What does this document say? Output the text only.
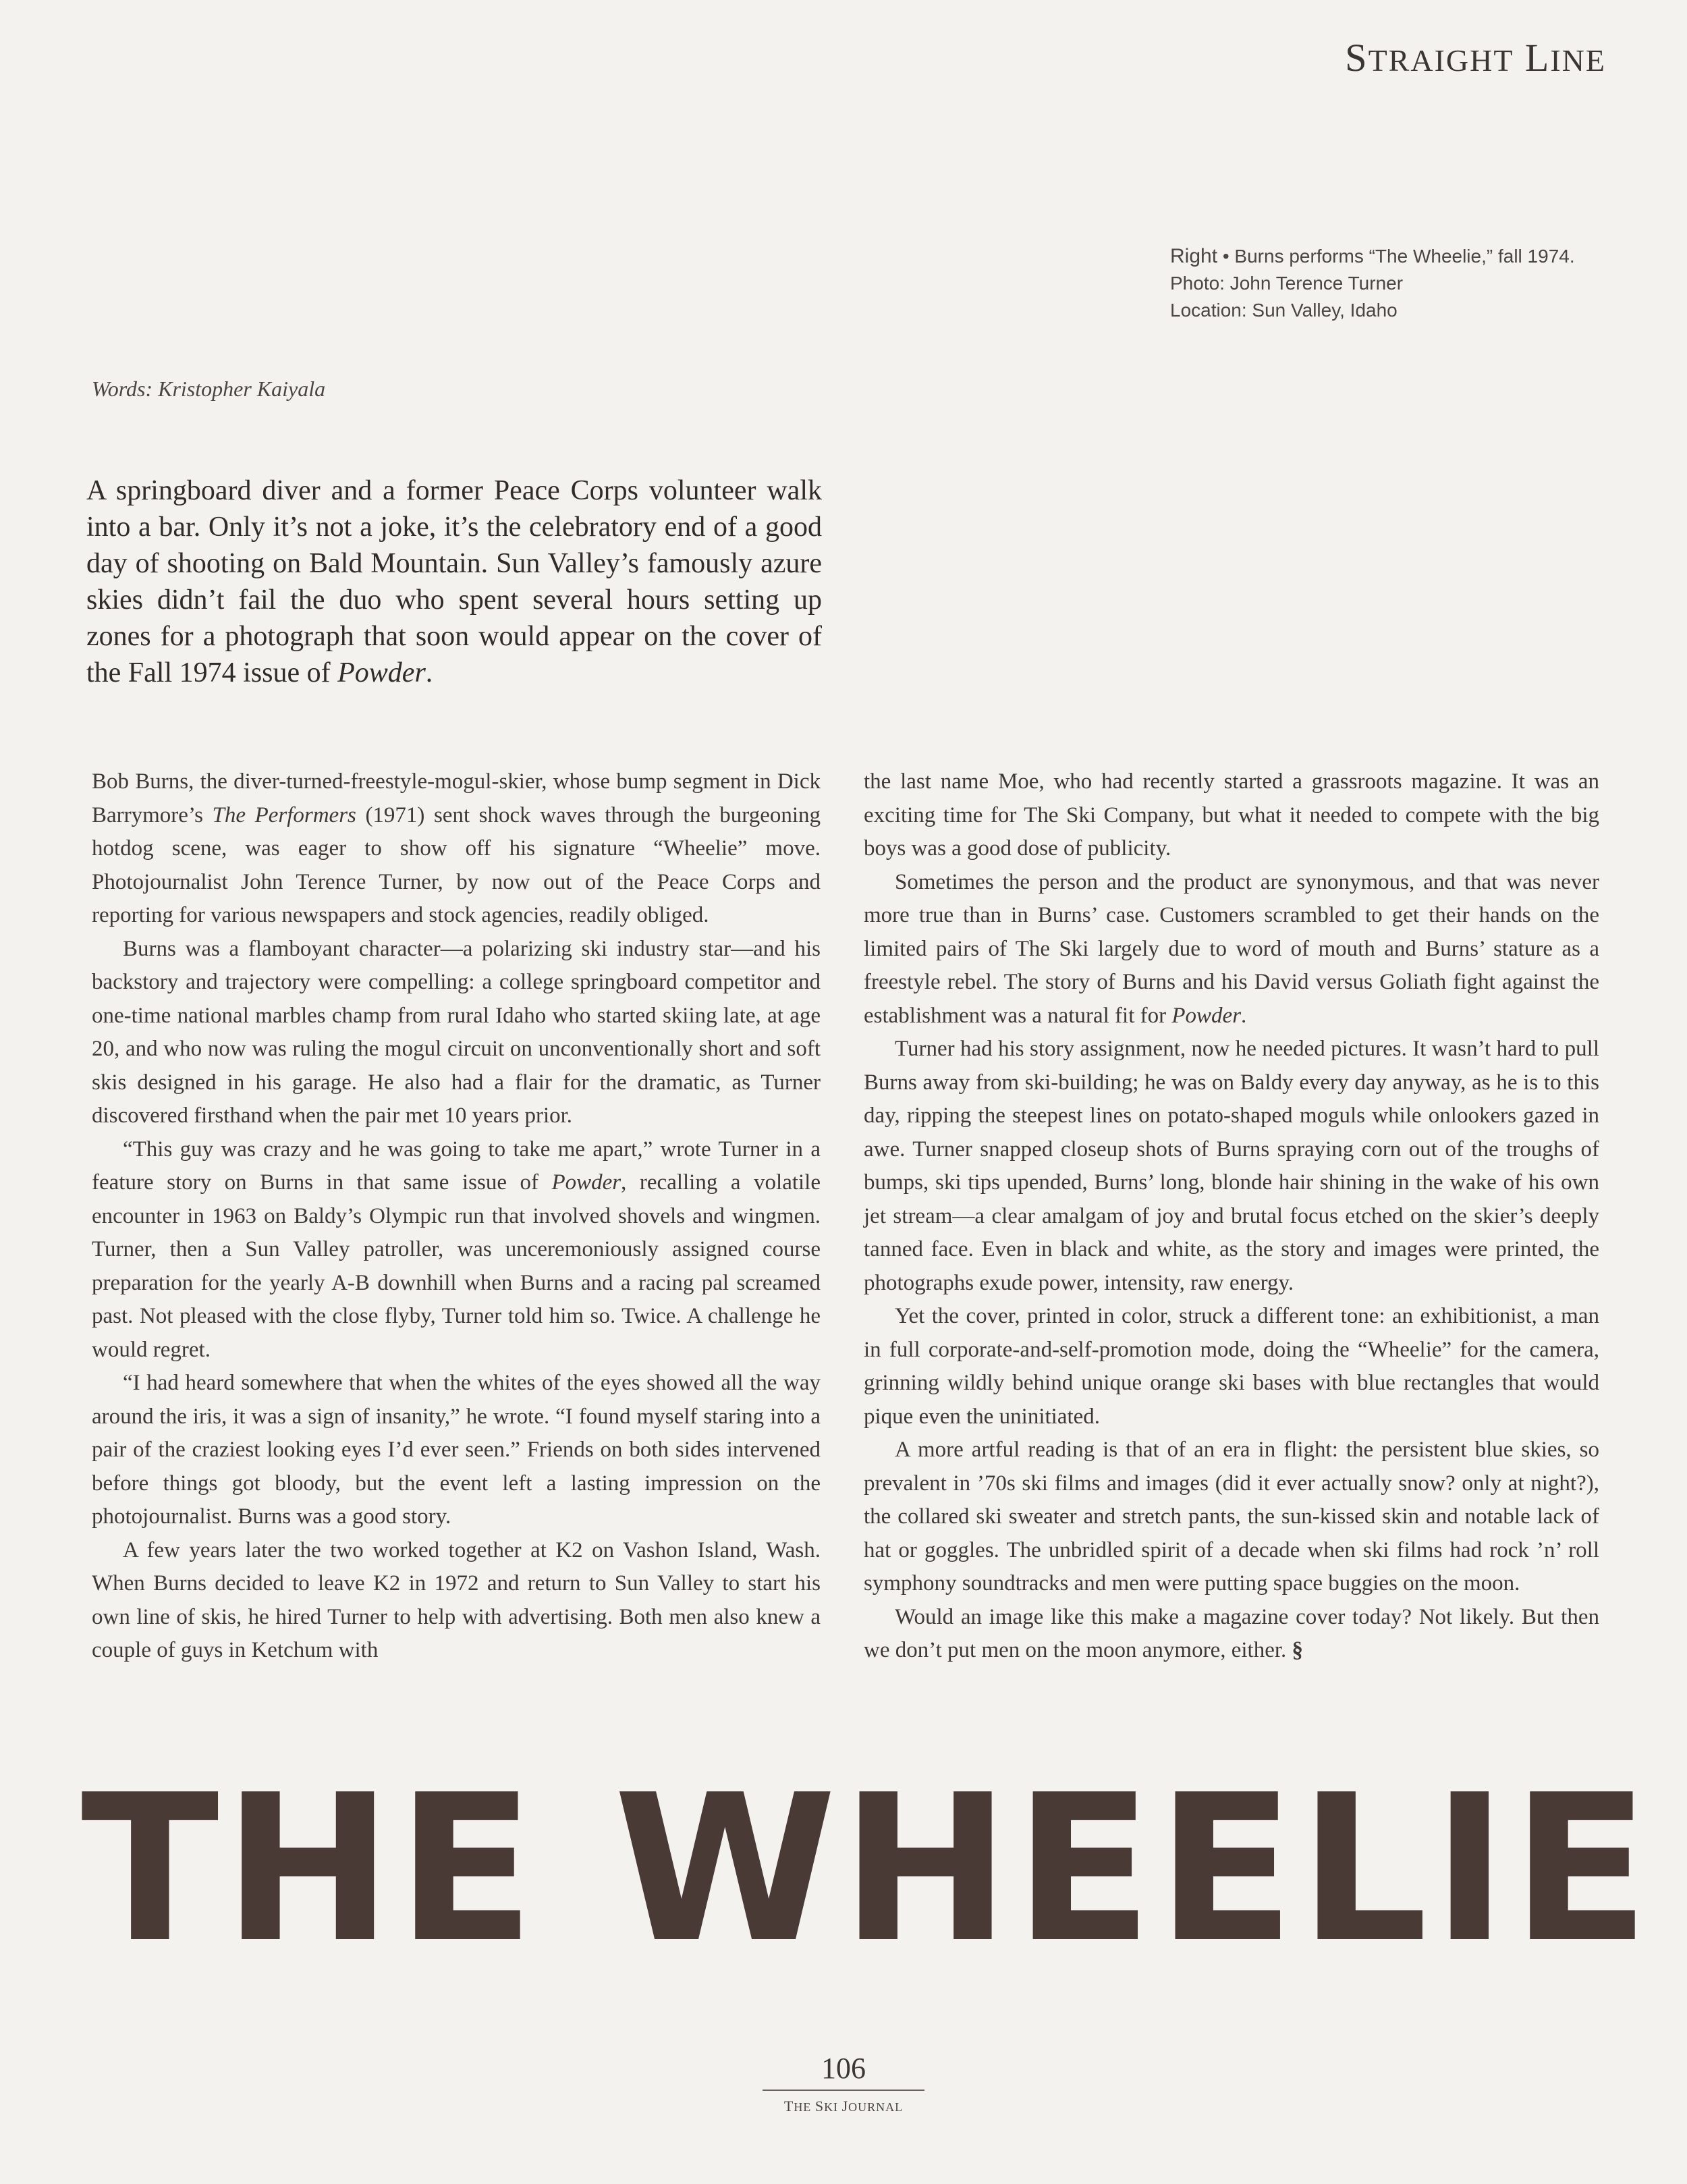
STRAIGHT LINE
Right • Burns performs “The Wheelie,” fall 1974.
Photo: John Terence Turner
Location: Sun Valley, Idaho
Words: Kristopher Kaiyala
A springboard diver and a former Peace Corps volunteer walk into a bar. Only it’s not a joke, it’s the celebratory end of a good day of shooting on Bald Mountain. Sun Valley’s famously azure skies didn’t fail the duo who spent several hours setting up zones for a photograph that soon would appear on the cover of the Fall 1974 issue of Powder.

Bob Burns, the diver-turned-freestyle-mogul-skier, whose bump segment in Dick Barrymore’s The Performers (1971) sent shock waves through the burgeoning hotdog scene, was eager to show off his signature “Wheelie” move. Photojournalist John Terence Turner, by now out of the Peace Corps and reporting for various newspapers and stock agencies, readily obliged.

Burns was a flamboyant character—a polarizing ski industry star—and his backstory and trajectory were compelling: a college springboard competitor and one-time national marbles champ from rural Idaho who started skiing late, at age 20, and who now was ruling the mogul circuit on unconventionally short and soft skis designed in his garage. He also had a flair for the dramatic, as Turner discovered firsthand when the pair met 10 years prior.

“This guy was crazy and he was going to take me apart,” wrote Turner in a feature story on Burns in that same issue of Powder, recalling a volatile encounter in 1963 on Baldy’s Olympic run that involved shovels and wingmen. Turner, then a Sun Valley patroller, was unceremoniously assigned course preparation for the yearly A-B downhill when Burns and a racing pal screamed past. Not pleased with the close flyby, Turner told him so. Twice. A challenge he would regret.

“I had heard somewhere that when the whites of the eyes showed all the way around the iris, it was a sign of insanity,” he wrote. “I found myself staring into a pair of the craziest looking eyes I’d ever seen.” Friends on both sides intervened before things got bloody, but the event left a lasting impression on the photojournalist. Burns was a good story.

A few years later the two worked together at K2 on Vashon Island, Wash. When Burns decided to leave K2 in 1972 and return to Sun Valley to start his own line of skis, he hired Turner to help with advertising. Both men also knew a couple of guys in Ketchum with

the last name Moe, who had recently started a grassroots magazine. It was an exciting time for The Ski Company, but what it needed to compete with the big boys was a good dose of publicity.

Sometimes the person and the product are synonymous, and that was never more true than in Burns’ case. Customers scrambled to get their hands on the limited pairs of The Ski largely due to word of mouth and Burns’ stature as a freestyle rebel. The story of Burns and his David versus Goliath fight against the establishment was a natural fit for Powder.

Turner had his story assignment, now he needed pictures. It wasn’t hard to pull Burns away from ski-building; he was on Baldy every day anyway, as he is to this day, ripping the steepest lines on potato-shaped moguls while onlookers gazed in awe. Turner snapped closeup shots of Burns spraying corn out of the troughs of bumps, ski tips upended, Burns’ long, blonde hair shining in the wake of his own jet stream—a clear amalgam of joy and brutal focus etched on the skier’s deeply tanned face. Even in black and white, as the story and images were printed, the photographs exude power, intensity, raw energy.

Yet the cover, printed in color, struck a different tone: an exhibitionist, a man in full corporate-and-self-promotion mode, doing the “Wheelie” for the camera, grinning wildly behind unique orange ski bases with blue rectangles that would pique even the uninitiated.

A more artful reading is that of an era in flight: the persistent blue skies, so prevalent in ’70s ski films and images (did it ever actually snow? only at night?), the collared ski sweater and stretch pants, the sun-kissed skin and notable lack of hat or goggles. The unbridled spirit of a decade when ski films had rock ’n’ roll symphony soundtracks and men were putting space buggies on the moon.

Would an image like this make a magazine cover today? Not likely. But then we don’t put men on the moon anymore, either. §

THE WHEELIE
106
THE SKI JOURNAL
